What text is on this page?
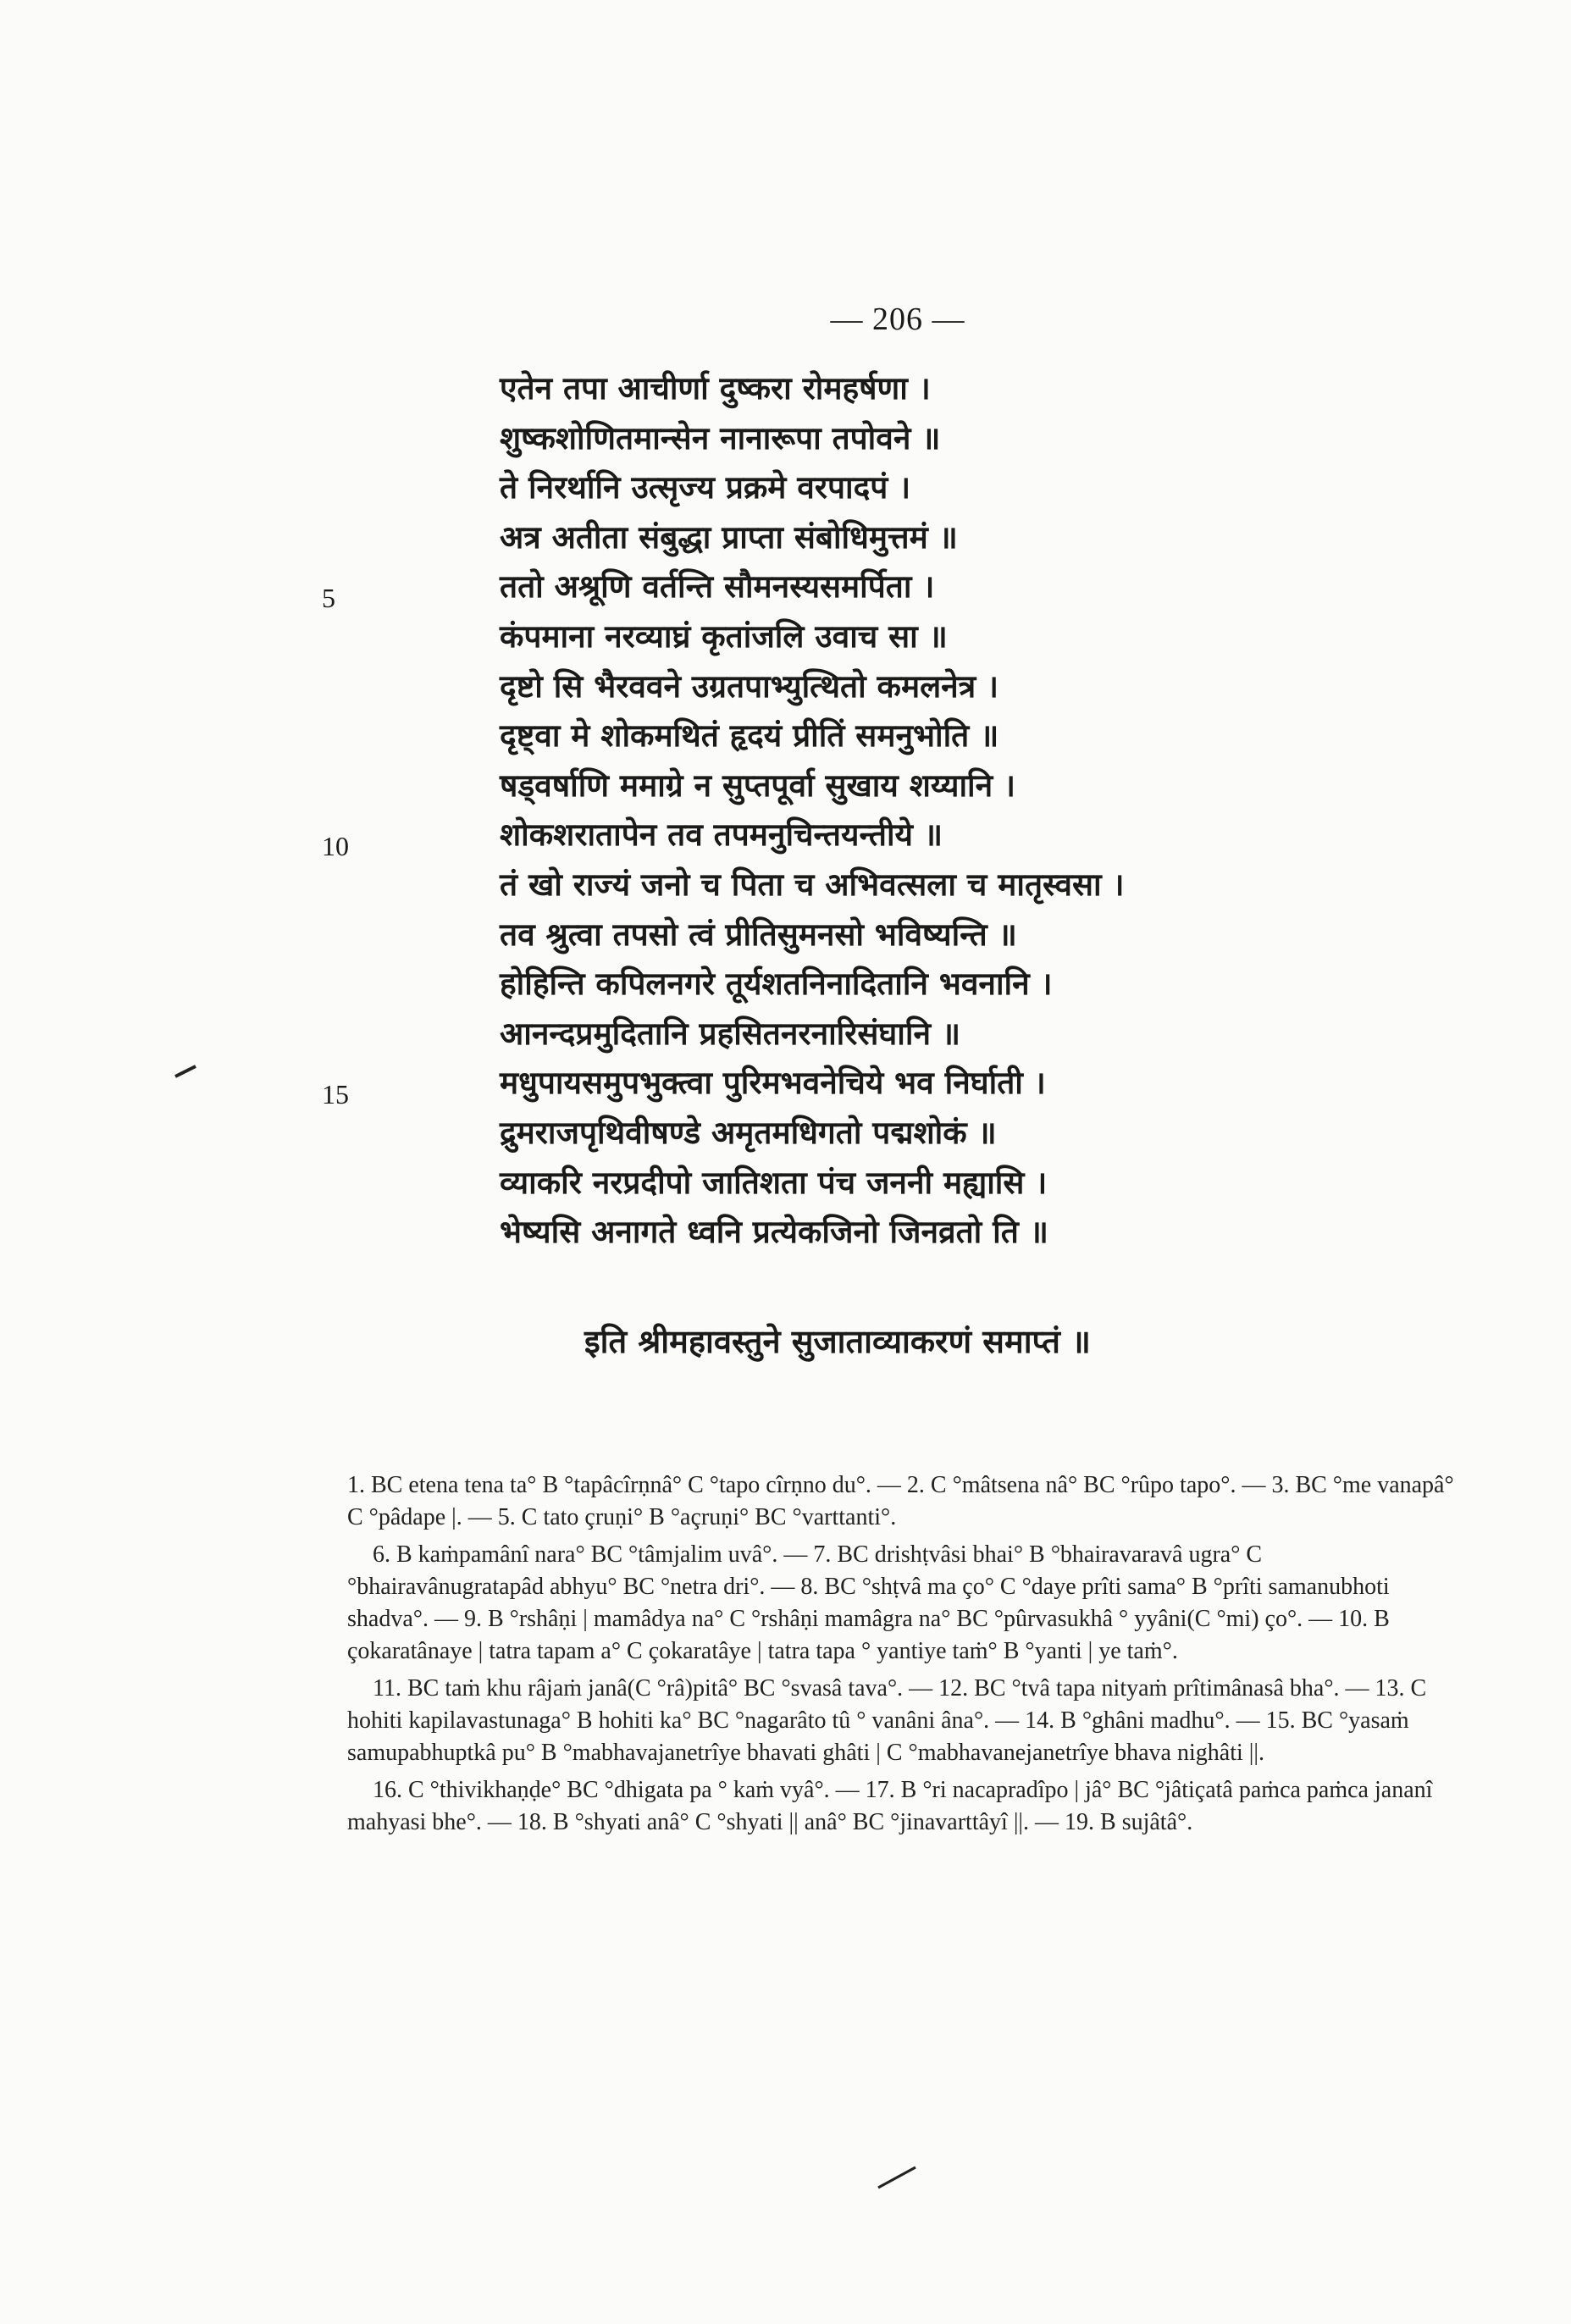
— 206 —
एतेन तपा आचीर्णा दुष्करा रोमहर्षणा ।
शुष्कशोणितमान्सेन नानारूपा तपोवने ॥
ते निरर्थानि उत्सृज्य प्रक्रमे वरपादपं ।
अत्र अतीता संबुद्धा प्राप्ता संबोधिमुत्तमं ॥
ततो अश्रूणि वर्तन्ति सौमनस्यसमर्पिता ।
कंपमाना नरव्याघ्रं कृतांजलि उवाच सा ॥
दृष्टो सि भैरववने उग्रतपाभ्युत्थितो कमलनेत्र ।
दृष्ट्वा मे शोकमथितं हृदयं प्रीतिं समनुभोति ॥
षड्वर्षाणि ममाग्रे न सुप्तपूर्वा सुखाय शय्यानि ।
शोकशरातापेन तव तपमनुचिन्तयन्तीये ॥
तं खो राज्यं जनो च पिता च अभिवत्सला च मातृस्वसा ।
तव श्रुत्वा तपसो त्वं प्रीतिसुमनसो भविष्यन्ति ॥
होहिन्ति कपिलनगरे तूर्यशतनिनादितानि भवनानि ।
आनन्दप्रमुदितानि प्रहसितनरनारिसंघानि ॥
मधुपायसमुपभुक्त्वा पुरिमभवनेचिये भव निर्घाती ।
द्रुमराजपृथिवीषण्डे अमृतमधिगतो पद्मशोकं ॥
व्याकरि नरप्रदीपो जातिशता पंच जननी मह्यासि ।
भेष्यसि अनागते ध्वनि प्रत्येकजिनो जिनव्रतो ति ॥
5
10
15
इति श्रीमहावस्तुने सुजाताव्याकरणं समाप्तं ॥

1. BC etena tena ta° B °tapâcîrṇnâ° C °tapo cîrṇno du°. — 2. C °mâtsena nâ° BC °rûpo tapo°. — 3. BC °me vanapâ° C °pâdape |. — 5. C tato çruṇi° B °açruṇi° BC °varttanti°.

6. B kaṁpamânî nara° BC °tâmjalim uvâ°. — 7. BC drishṭvâsi bhai° B °bhairavaravâ ugra° C °bhairavânugratapâd abhyu° BC °netra dri°. — 8. BC °shṭvâ ma ço° C °daye prîti sama° B °prîti samanubhoti shadva°. — 9. B °rshâṇi | mamâdya na° C °rshâṇi mamâgra na° BC °pûrvasukhâ ° yyâni(C °mi) ço°. — 10. B çokaratânaye | tatra tapam a° C çokaratâye | tatra tapa ° yantiye taṁ° B °yanti | ye taṁ°.

11. BC taṁ khu râjaṁ janâ(C °râ)pitâ° BC °svasâ tava°. — 12. BC °tvâ tapa nityaṁ prîtimânasâ bha°. — 13. C hohiti kapilavastunaga° B hohiti ka° BC °nagarâto tû ° vanâni âna°. — 14. B °ghâni madhu°. — 15. BC °yasaṁ samupabhuptkâ pu° B °mabhavajanetrîye bhavati ghâti | C °mabhavanejanetrîye bhava nighâti ||.

16. C °thivikhaṇḍe° BC °dhigata pa ° kaṁ vyâ°. — 17. B °ri nacapradîpo | jâ° BC °jâtiçatâ paṁca paṁca jananî mahyasi bhe°. — 18. B °shyati anâ° C °shyati || anâ° BC °jinavarttâyî ||. — 19. B sujâtâ°.
